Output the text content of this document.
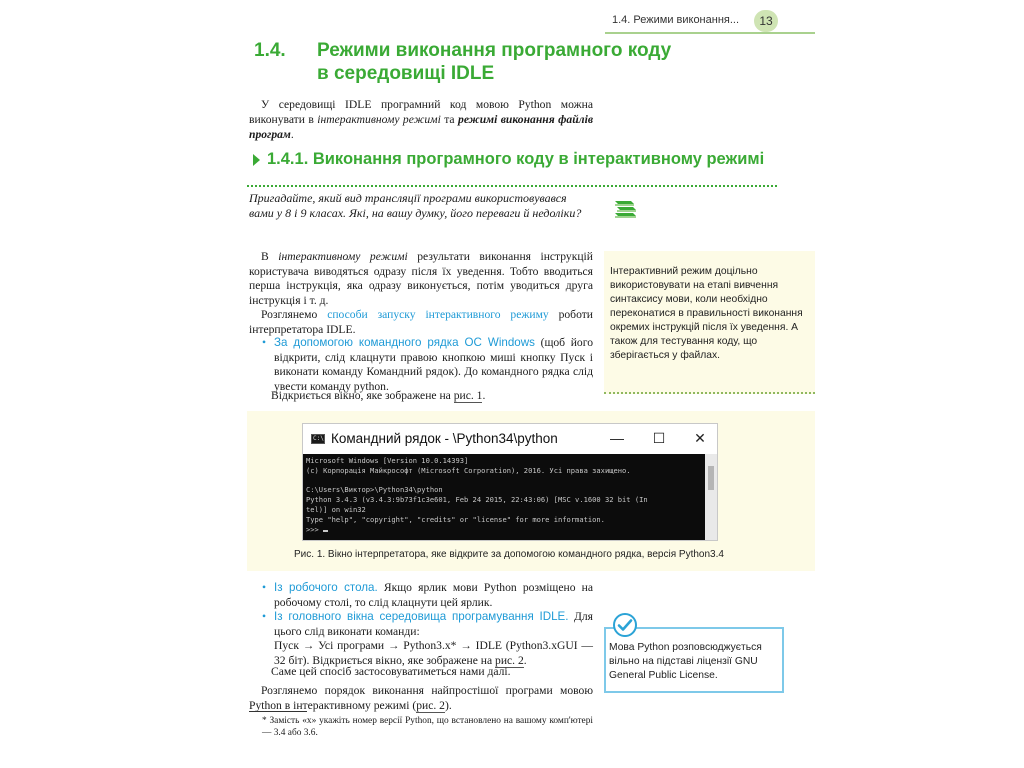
1.4. Режими виконання...	13
1.4. Режими виконання програмного коду
в середовищі IDLE
У середовищі IDLE програмний код мовою Python можна виконувати в інтерактивному режимі та режимі виконання файлів програм.
1.4.1. Виконання програмного коду в інтерактивному режимі
Пригадайте, який вид трансляції програми використовувався вами у 8 і 9 класах. Які, на вашу думку, його переваги й недоліки?
В інтерактивному режимі результати виконання інструкцій користувача виводяться одразу після їх уведення. Тобто вводиться перша інструкція, яка одразу виконується, потім уводиться друга інструкція і т. д.
Розглянемо способи запуску інтерактивного режиму роботи інтерпретатора IDLE.
• За допомогою командного рядка ОС Windows (щоб його відкрити, слід клацнути правою кнопкою миші кнопку Пуск і виконати команду Командний рядок). До командного рядка слід увести команду python.
Відкриється вікно, яке зображене на рис. 1.
Інтерактивний режим доцільно використовувати на етапі вивчення синтаксису мови, коли необхідно переконатися в правильності виконання окремих інструкцій після їх уведення. А також для тестування коду, що зберігається у файлах.
C:\ Командний рядок - \Python34\python	—	☐	✕
Microsoft Windows [Version 10.0.14393]
(c) Корпорація Майкрософт (Microsoft Corporation), 2016. Усі права захищено.

C:\Users\Виктор>\Python34\python
Python 3.4.3 (v3.4.3:9b73f1c3e601, Feb 24 2015, 22:43:06) [MSC v.1600 32 bit (In
tel)] on win32
Type "help", "copyright", "credits" or "license" for more information.
>>>
Рис. 1. Вікно інтерпретатора, яке відкрите за допомогою командного рядка, версія Python3.4
• Із робочого стола. Якщо ярлик мови Python розміщено на робочому столі, то слід клацнути цей ярлик.
• Із головного вікна середовища програмування IDLE. Для цього слід виконати команди:
Пуск → Усі програми → Python3.x* → IDLE (Python3.xGUI — 32 біт). Відкриється вікно, яке зображене на рис. 2.
Саме цей спосіб застосовуватиметься нами далі.
Розглянемо порядок виконання найпростішої програми мовою Python в інтерактивному режимі (рис. 2).
* Замість «x» укажіть номер версії Python, що встановлено на вашому комп'ютері — 3.4 або 3.6.
Мова Python розповсюджується вільно на підставі ліцензії GNU General Public License.
